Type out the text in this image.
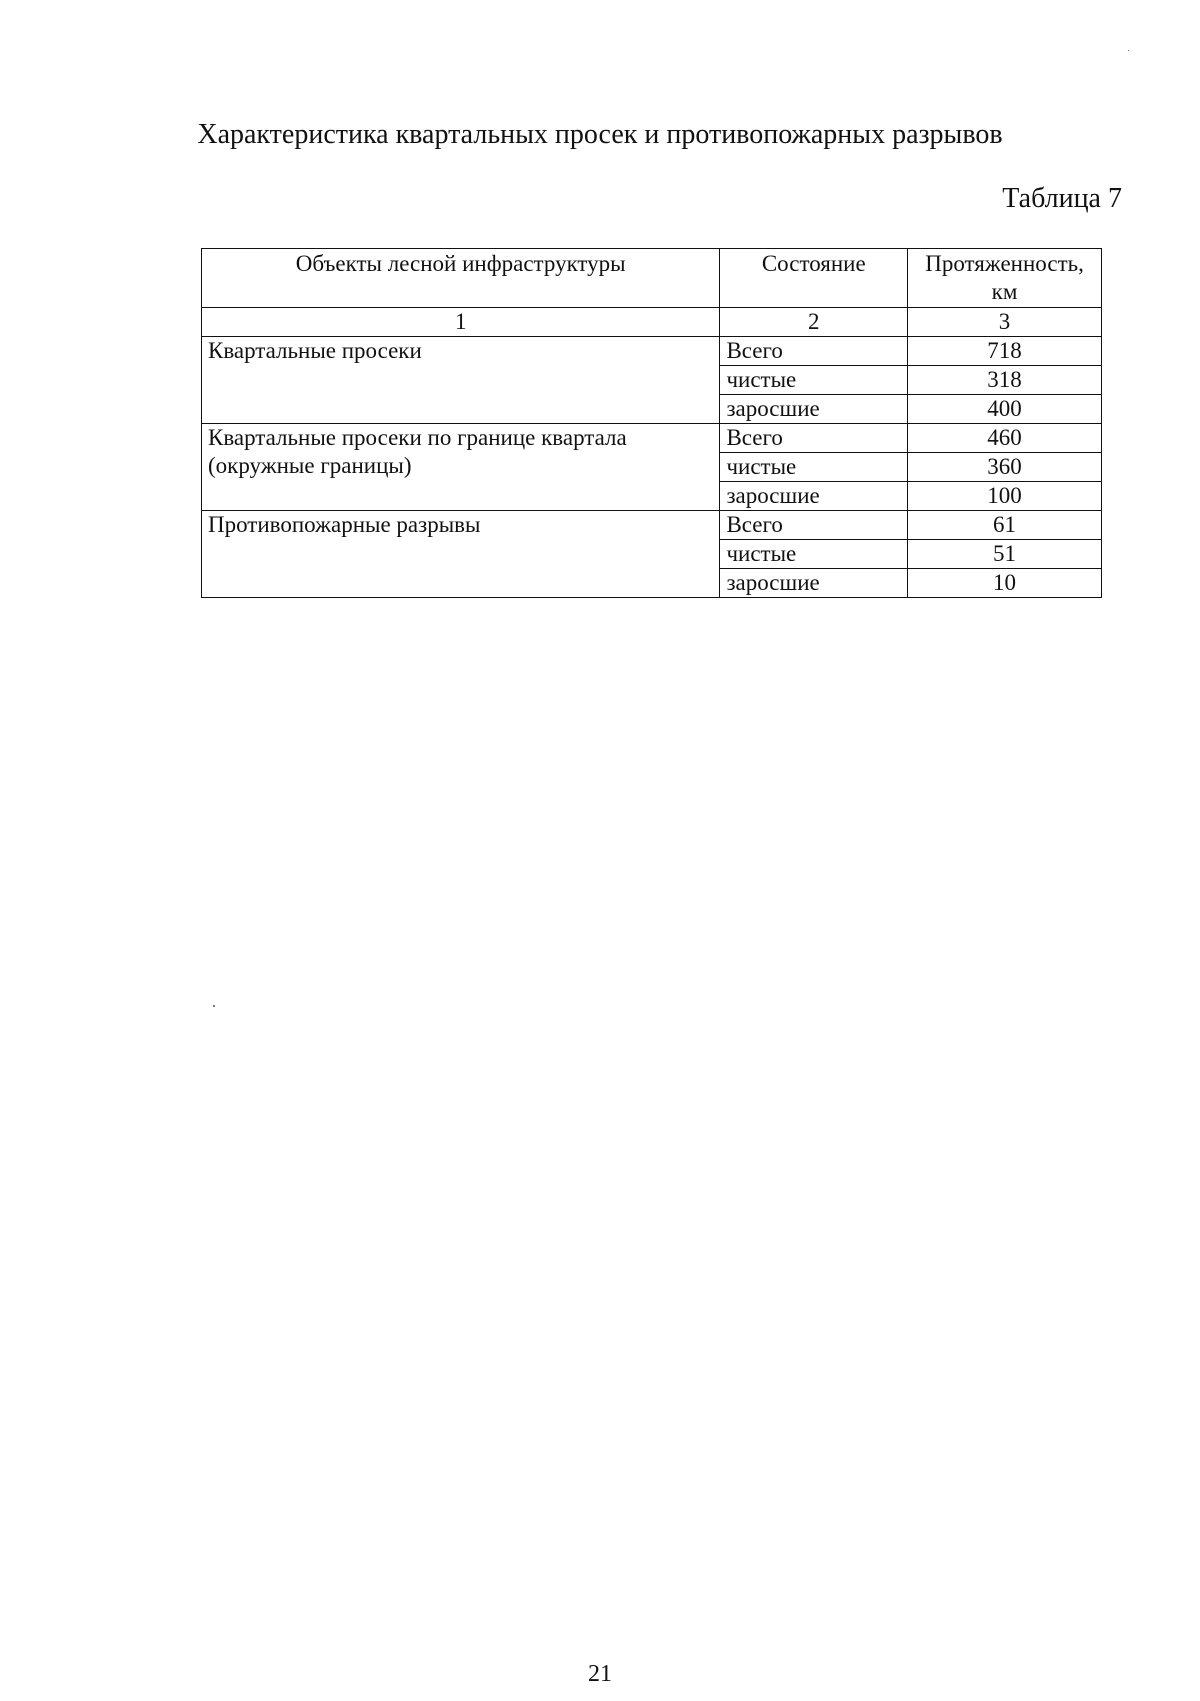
Характеристика квартальных просек и противопожарных разрывов
Таблица 7
Объекты лесной инфраструктуры	Состояние	Протяженность, км
1	2	3
Квартальные просеки	Всего	718
	чистые	318
	заросшие	400
Квартальные просеки по границе квартала (окружные границы)	Всего	460
	чистые	360
	заросшие	100
Противопожарные разрывы	Всего	61
	чистые	51
	заросшие	10
21
